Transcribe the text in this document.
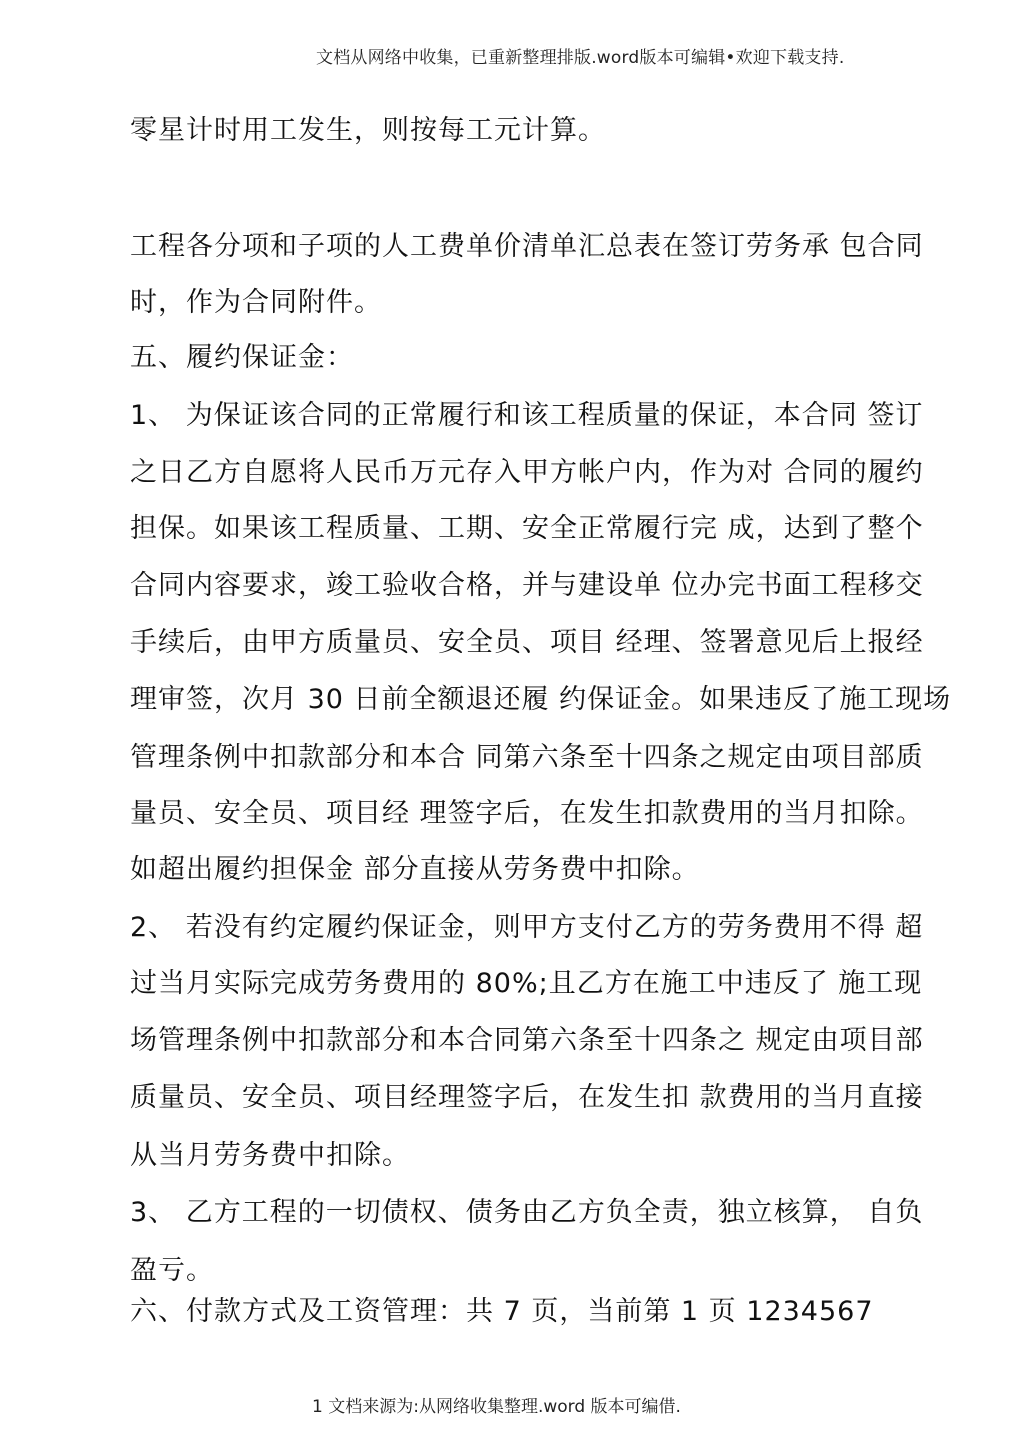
文档从网络中收集，已重新整理排版.word版本可编辑•欢迎下载支持.
零星计时用工发生，则按每工元计算。
工程各分项和子项的人工费单价清单汇总表在签订劳务承 包合同
时，作为合同附件。
五、履约保证金：
1、 为保证该合同的正常履行和该工程质量的保证，本合同 签订
之日乙方自愿将人民币万元存入甲方帐户内，作为对 合同的履约
担保。如果该工程质量、工期、安全正常履行完 成，达到了整个
合同内容要求，竣工验收合格，并与建设单 位办完书面工程移交
手续后，由甲方质量员、安全员、项目 经理、签署意见后上报经
理审签，次月 30 日前全额退还履 约保证金。如果违反了施工现场
管理条例中扣款部分和本合 同第六条至十四条之规定由项目部质
量员、安全员、项目经 理签字后，在发生扣款费用的当月扣除。
如超出履约担保金 部分直接从劳务费中扣除。
2、 若没有约定履约保证金，则甲方支付乙方的劳务费用不得 超
过当月实际完成劳务费用的 80%;且乙方在施工中违反了 施工现
场管理条例中扣款部分和本合同第六条至十四条之 规定由项目部
质量员、安全员、项目经理签字后，在发生扣 款费用的当月直接
从当月劳务费中扣除。
3、 乙方工程的一切债权、债务由乙方负全责，独立核算， 自负
盈亏。
六、付款方式及工资管理：共 7 页，当前第 1 页 1234567
1 文档来源为:从网络收集整理.word 版本可编借.
